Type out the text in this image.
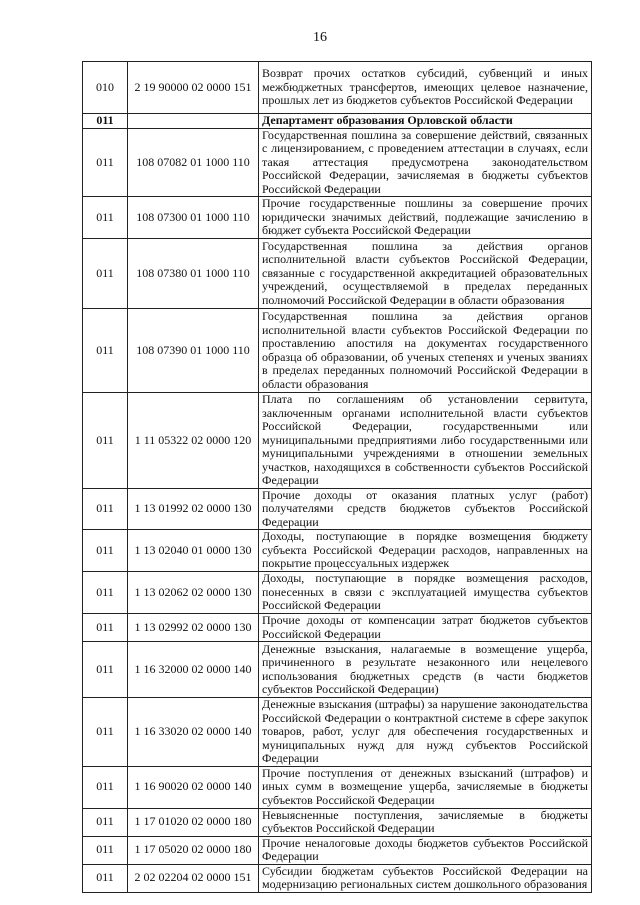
16
010	2 19 90000 02 0000 151	Возврат прочих остатков субсидий, субвенций и иных межбюджетных трансфертов, имеющих целевое назначение, прошлых лет из бюджетов субъектов Российской Федерации
011		Департамент образования Орловской области
011	108 07082 01 1000 110	Государственная пошлина за совершение действий, связанных с лицензированием, с проведением аттестации в случаях, если такая аттестация предусмотрена законодательством Российской Федерации, зачисляемая в бюджеты субъектов Российской Федерации
011	108 07300 01 1000 110	Прочие государственные пошлины за совершение прочих юридически значимых действий, подлежащие зачислению в бюджет субъекта Российской Федерации
011	108 07380 01 1000 110	Государственная пошлина за действия органов исполнительной власти субъектов Российской Федерации, связанные с государственной аккредитацией образовательных учреждений, осуществляемой в пределах переданных полномочий Российской Федерации в области образования
011	108 07390 01 1000 110	Государственная пошлина за действия органов исполнительной власти субъектов Российской Федерации по проставлению апостиля на документах государственного образца об образовании, об ученых степенях и ученых званиях в пределах переданных полномочий Российской Федерации в области образования
011	1 11 05322 02 0000 120	Плата по соглашениям об установлении сервитута, заключенным органами исполнительной власти субъектов Российской Федерации, государственными или муниципальными предприятиями либо государственными или муниципальными учреждениями в отношении земельных участков, находящихся в собственности субъектов Российской Федерации
011	1 13 01992 02 0000 130	Прочие доходы от оказания платных услуг (работ) получателями средств бюджетов субъектов Российской Федерации
011	1 13 02040 01 0000 130	Доходы, поступающие в порядке возмещения бюджету субъекта Российской Федерации расходов, направленных на покрытие процессуальных издержек
011	1 13 02062 02 0000 130	Доходы, поступающие в порядке возмещения расходов, понесенных в связи с эксплуатацией имущества субъектов Российской Федерации
011	1 13 02992 02 0000 130	Прочие доходы от компенсации затрат бюджетов субъектов Российской Федерации
011	1 16 32000 02 0000 140	Денежные взыскания, налагаемые в возмещение ущерба, причиненного в результате незаконного или нецелевого использования бюджетных средств (в части бюджетов субъектов Российской Федерации)
011	1 16 33020 02 0000 140	Денежные взыскания (штрафы) за нарушение законодательства Российской Федерации о контрактной системе в сфере закупок товаров, работ, услуг для обеспечения государственных и муниципальных нужд для нужд субъектов Российской Федерации
011	1 16 90020 02 0000 140	Прочие поступления от денежных взысканий (штрафов) и иных сумм в возмещение ущерба, зачисляемые в бюджеты субъектов Российской Федерации
011	1 17 01020 02 0000 180	Невыясненные поступления, зачисляемые в бюджеты субъектов Российской Федерации
011	1 17 05020 02 0000 180	Прочие неналоговые доходы бюджетов субъектов Российской Федерации
011	2 02 02204 02 0000 151	Субсидии бюджетам субъектов Российской Федерации на модернизацию региональных систем дошкольного образования
